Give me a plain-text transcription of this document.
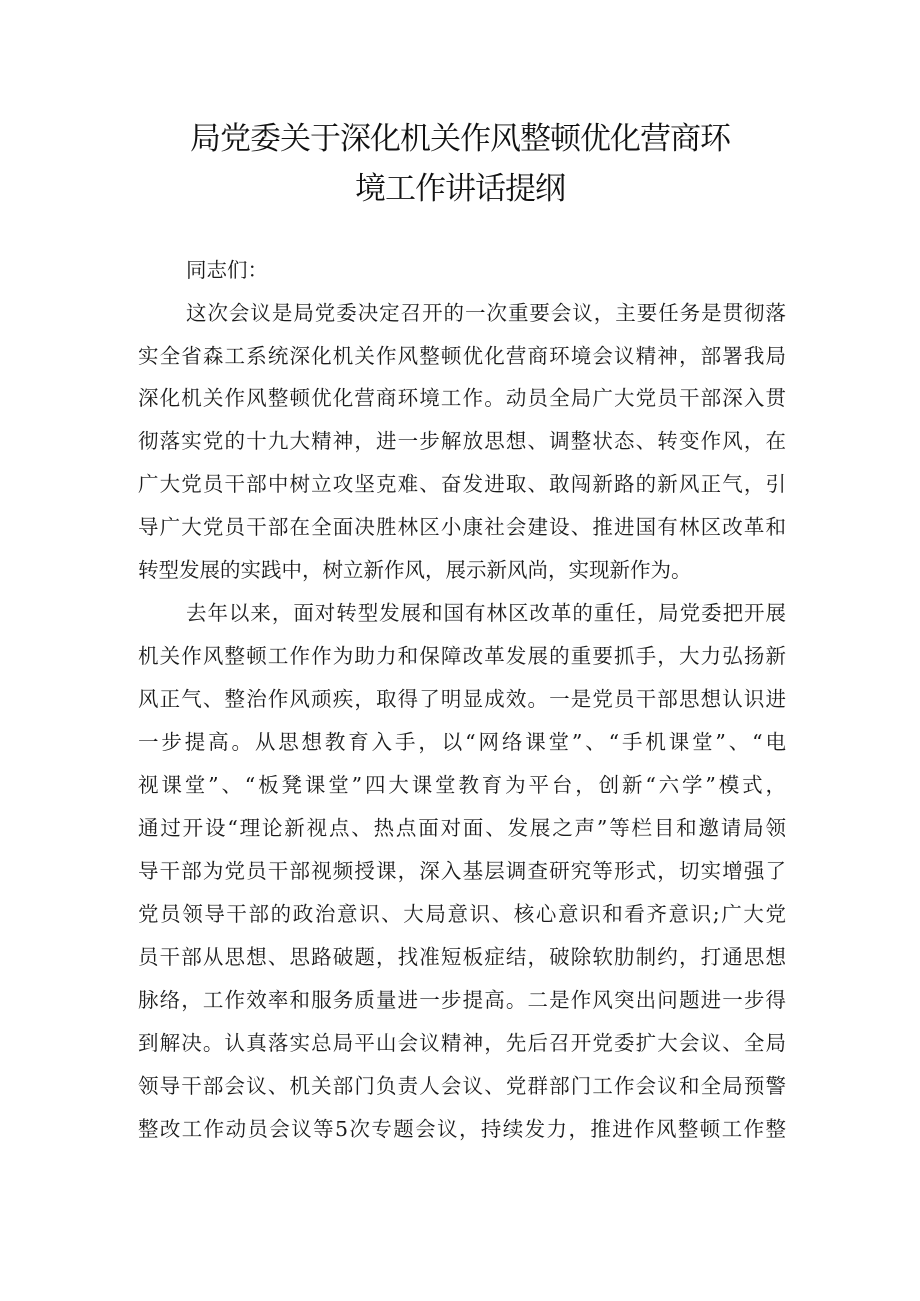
局党委关于深化机关作风整顿优化营商环
境工作讲话提纲
同志们：
这次会议是局党委决定召开的一次重要会议，主要任务是贯彻落
实全省森工系统深化机关作风整顿优化营商环境会议精神，部署我局
深化机关作风整顿优化营商环境工作。动员全局广大党员干部深入贯
彻落实党的十九大精神，进一步解放思想、调整状态、转变作风，在
广大党员干部中树立攻坚克难、奋发进取、敢闯新路的新风正气，引
导广大党员干部在全面决胜林区小康社会建设、推进国有林区改革和
转型发展的实践中，树立新作风，展示新风尚，实现新作为。
去年以来，面对转型发展和国有林区改革的重任，局党委把开展
机关作风整顿工作作为助力和保障改革发展的重要抓手，大力弘扬新
风正气、整治作风顽疾，取得了明显成效。一是党员干部思想认识进
一步提高。从思想教育入手，以“网络课堂”、“手机课堂”、“电
视课堂”、“板凳课堂”四大课堂教育为平台，创新“六学”模式，
通过开设“理论新视点、热点面对面、发展之声”等栏目和邀请局领
导干部为党员干部视频授课，深入基层调查研究等形式，切实增强了
党员领导干部的政治意识、大局意识、核心意识和看齐意识;广大党
员干部从思想、思路破题，找准短板症结，破除软肋制约，打通思想
脉络，工作效率和服务质量进一步提高。二是作风突出问题进一步得
到解决。认真落实总局平山会议精神，先后召开党委扩大会议、全局
领导干部会议、机关部门负责人会议、党群部门工作会议和全局预警
整改工作动员会议等5次专题会议，持续发力，推进作风整顿工作整
